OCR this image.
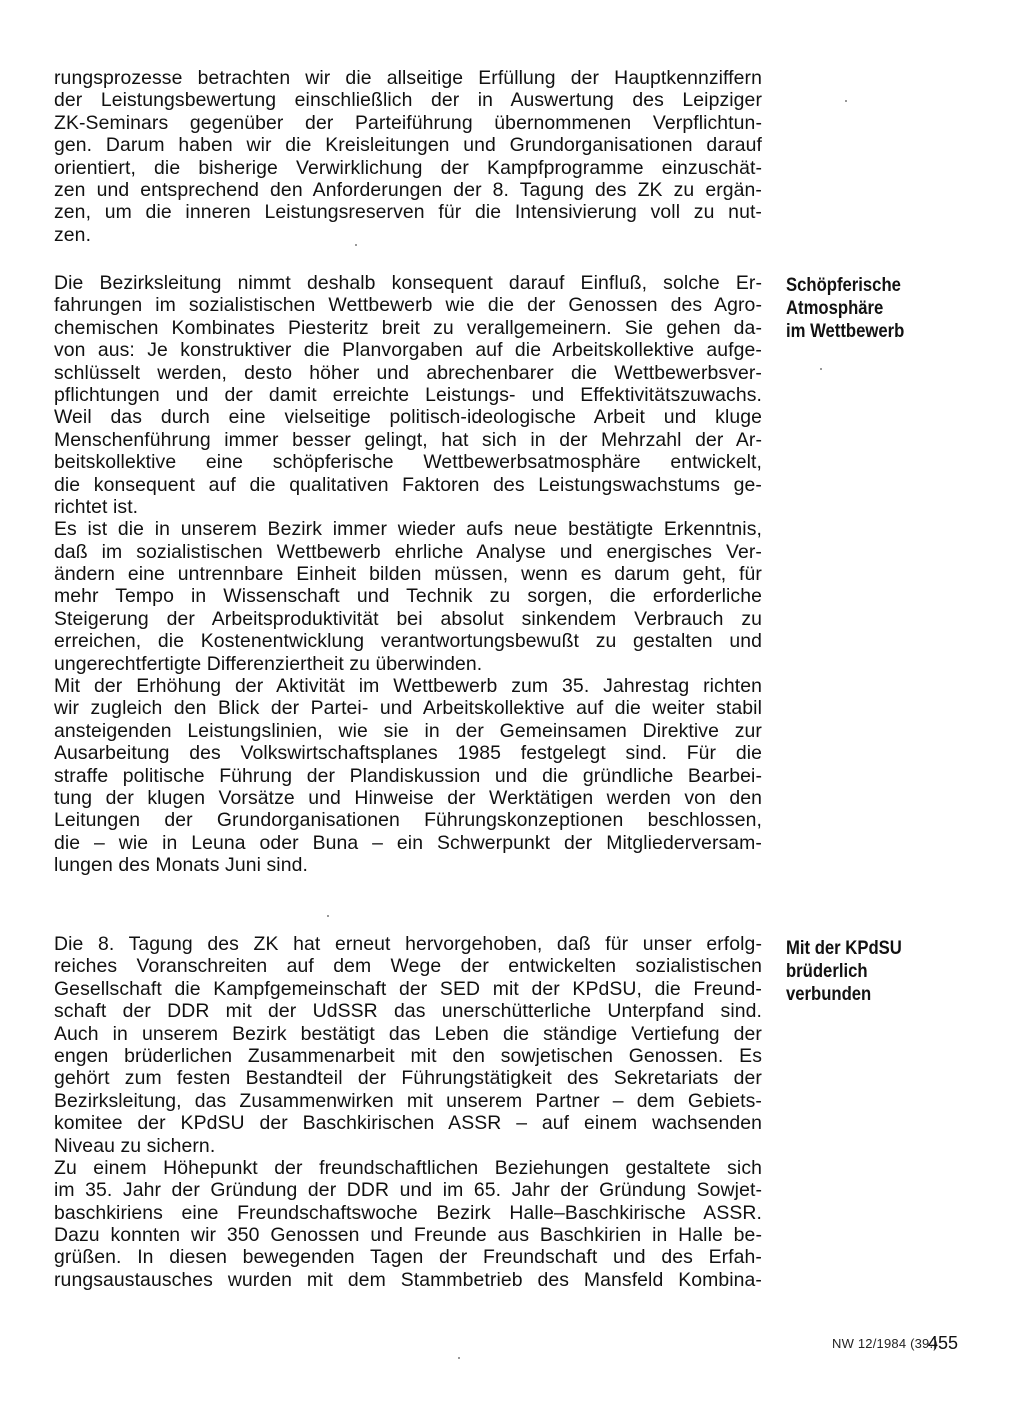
rungsprozesse betrachten wir die allseitige Erfüllung der Hauptkennziffern
der Leistungsbewertung einschließlich der in Auswertung des Leipziger
ZK-Seminars gegenüber der Parteiführung übernommenen Verpflichtun-
gen. Darum haben wir die Kreisleitungen und Grundorganisationen darauf
orientiert, die bisherige Verwirklichung der Kampfprogramme einzuschät-
zen und entsprechend den Anforderungen der 8. Tagung des ZK zu ergän-
zen, um die inneren Leistungsreserven für die Intensivierung voll zu nut-
zen.
Die Bezirksleitung nimmt deshalb konsequent darauf Einfluß, solche Er-
fahrungen im sozialistischen Wettbewerb wie die der Genossen des Agro-
chemischen Kombinates Piesteritz breit zu verallgemeinern. Sie gehen da-
von aus: Je konstruktiver die Planvorgaben auf die Arbeitskollektive aufge-
schlüsselt werden, desto höher und abrechenbarer die Wettbewerbsver-
pflichtungen und der damit erreichte Leistungs- und Effektivitätszuwachs.
Weil das durch eine vielseitige politisch-ideologische Arbeit und kluge
Menschenführung immer besser gelingt, hat sich in der Mehrzahl der Ar-
beitskollektive eine schöpferische Wettbewerbsatmosphäre entwickelt,
die konsequent auf die qualitativen Faktoren des Leistungswachstums ge-
richtet ist.
Es ist die in unserem Bezirk immer wieder aufs neue bestätigte Erkenntnis,
daß im sozialistischen Wettbewerb ehrliche Analyse und energisches Ver-
ändern eine untrennbare Einheit bilden müssen, wenn es darum geht, für
mehr Tempo in Wissenschaft und Technik zu sorgen, die erforderliche
Steigerung der Arbeitsproduktivität bei absolut sinkendem Verbrauch zu
erreichen, die Kostenentwicklung verantwortungsbewußt zu gestalten und
ungerechtfertigte Differenziertheit zu überwinden.
Mit der Erhöhung der Aktivität im Wettbewerb zum 35. Jahrestag richten
wir zugleich den Blick der Partei- und Arbeitskollektive auf die weiter stabil
ansteigenden Leistungslinien, wie sie in der Gemeinsamen Direktive zur
Ausarbeitung des Volkswirtschaftsplanes 1985 festgelegt sind. Für die
straffe politische Führung der Plandiskussion und die gründliche Bearbei-
tung der klugen Vorsätze und Hinweise der Werktätigen werden von den
Leitungen der Grundorganisationen Führungskonzeptionen beschlossen,
die – wie in Leuna oder Buna – ein Schwerpunkt der Mitgliederversam-
lungen des Monats Juni sind.
Die 8. Tagung des ZK hat erneut hervorgehoben, daß für unser erfolg-
reiches Voranschreiten auf dem Wege der entwickelten sozialistischen
Gesellschaft die Kampfgemeinschaft der SED mit der KPdSU, die Freund-
schaft der DDR mit der UdSSR das unerschütterliche Unterpfand sind.
Auch in unserem Bezirk bestätigt das Leben die ständige Vertiefung der
engen brüderlichen Zusammenarbeit mit den sowjetischen Genossen. Es
gehört zum festen Bestandteil der Führungstätigkeit des Sekretariats der
Bezirksleitung, das Zusammenwirken mit unserem Partner – dem Gebiets-
komitee der KPdSU der Baschkirischen ASSR – auf einem wachsenden
Niveau zu sichern.
Zu einem Höhepunkt der freundschaftlichen Beziehungen gestaltete sich
im 35. Jahr der Gründung der DDR und im 65. Jahr der Gründung Sowjet-
baschkiriens eine Freundschaftswoche Bezirk Halle–Baschkirische ASSR.
Dazu konnten wir 350 Genossen und Freunde aus Baschkirien in Halle be-
grüßen. In diesen bewegenden Tagen der Freundschaft und des Erfah-
rungsaustausches wurden mit dem Stammbetrieb des Mansfeld Kombina-
Schöpferische
Atmosphäre
im Wettbewerb
Mit der KPdSU
brüderlich
verbunden
NW 12/1984 (39.)
455
